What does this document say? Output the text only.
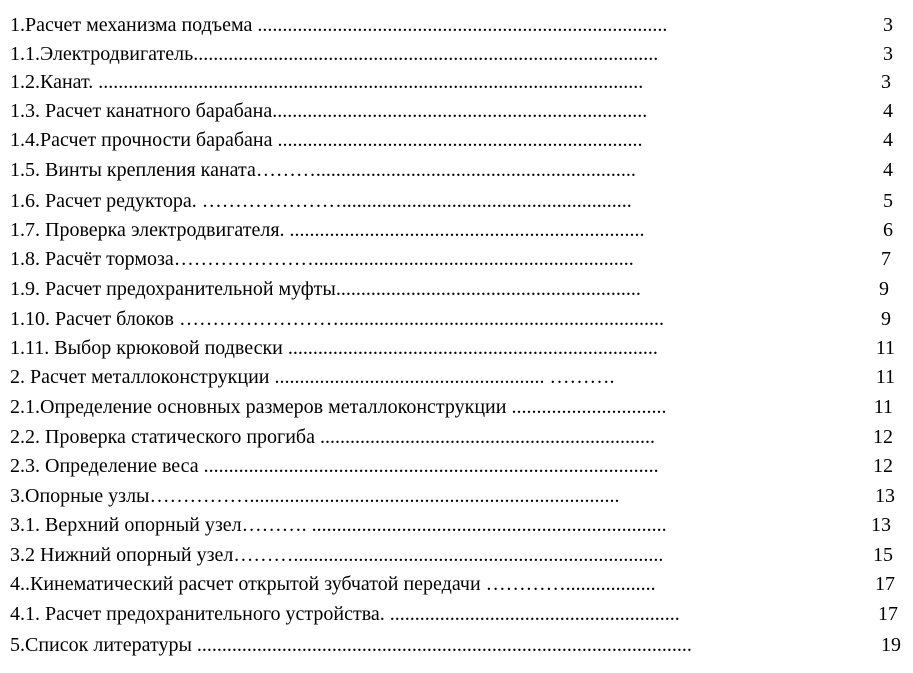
1.Расчет механизма подъема ..................................................................................	3
1.1.Электродвигатель.............................................................................................	3
1.2.Канат. .............................................................................................................	3
1.3. Расчет канатного барабана...........................................................................	4
1.4.Расчет прочности барабана .........................................................................	4
1.5. Винты крепления каната………................................................................	4
1.6. Расчет редуктора. …………………..........................................................	5
1.7. Проверка электродвигателя. .......................................................................	6
1.8. Расчёт тормоза…………………................................................................	7
1.9. Расчет предохранительной муфты.............................................................	9
1.10. Расчет блоков …………………….................................................................	9
1.11. Выбор крюковой подвески ..........................................................................	11
2. Расчет металлоконструкции ...................................................... ……….	11
2.1.Определение основных размеров металлоконструкции ...............................	11
2.2. Проверка статического прогиба ...................................................................	12
2.3. Определение веса ...........................................................................................	12
3.Опорные узлы……………..........................................................................	13
3.1. Верхний опорный узел………. .......................................................................	13
3.2 Нижний опорный узел………..........................................................................	15
4..Кинематический расчет открытой зубчатой передачи …………..................	17
4.1. Расчет предохранительного устройства. ..........................................................	17
5.Список литературы ...................................................................................................	19
